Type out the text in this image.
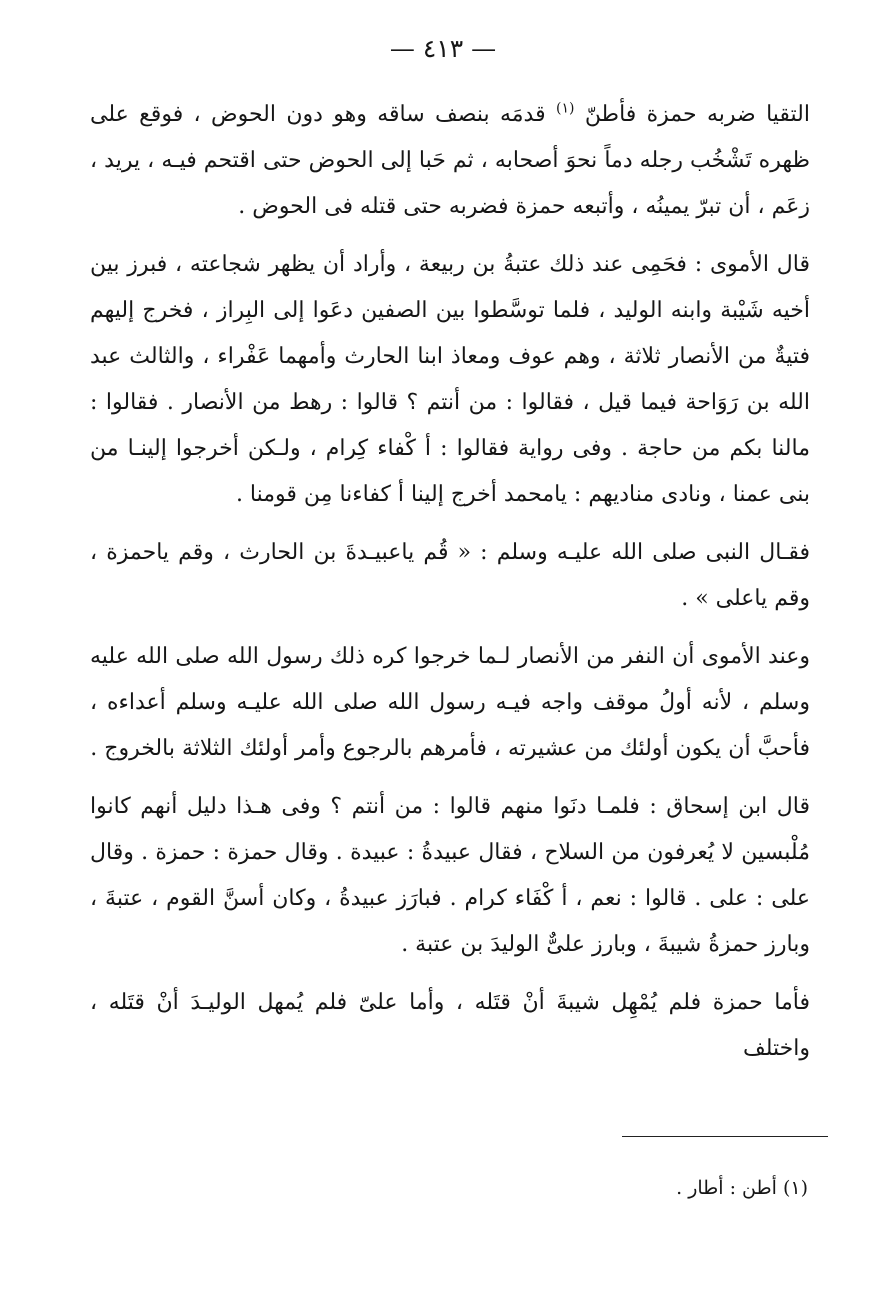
— ٤١٣ —

التقيا ضربه حمزة فأطنّ $^{(١)}$ قدمَه بنصف ساقه وهو دون الحوض ، فوقع على ظهره تَشْخُب رجله دماً نحوَ أصحابه ، ثم حَبا إلى الحوض حتى اقتحم فيـه ، يريد ، زعَم ، أن تبرّ يمينُه ، وأتبعه حمزة فضربه حتى قتله فى الحوض .

قال الأموى : فحَمِى عند ذلك عتبةُ بن ربيعة ، وأراد أن يظهر شجاعته ، فبرز بين أخيه شَيْبة وابنه الوليد ، فلما توسَّطوا بين الصفين دعَوا إلى البِراز ، فخرج إليهم فتيةٌ من الأنصار ثلاثة ، وهم عوف ومعاذ ابنا الحارث وأمهما عَفْراء ، والثالث عبد الله بن رَوَاحة فيما قيل ، فقالوا : من أنتم ؟ قالوا : رهط من الأنصار . فقالوا : مالنا بكم من حاجة . وفى رواية فقالوا : أ كْفاء كِرام ، ولـكن أخرجوا إلينـا من بنى عمنا ، ونادى مناديهم : يامحمد أخرج إلينا أ كفاءنا مِن قومنا .

فقـال النبى صلى الله عليـه وسلم : « قُم ياعبيـدةَ بن الحارث ، وقم ياحمزة ، وقم ياعلى » .

وعند الأموى أن النفر من الأنصار لـما خرجوا كره ذلك رسول الله صلى الله عليه وسلم ، لأنه أولُ موقف واجه فيـه رسول الله صلى الله عليـه وسلم أعداءه ، فأحبَّ أن يكون أولئك من عشيرته ، فأمرهم بالرجوع وأمر أولئك الثلاثة بالخروج .

قال ابن إسحاق : فلمـا دنَوا منهم قالوا : من أنتم ؟ وفى هـذا دليل أنهم كانوا مُلْبسين لا يُعرفون من السلاح ، فقال عبيدةُ : عبيدة . وقال حمزة : حمزة . وقال على : على . قالوا : نعم ، أ كْفَاء كرام . فبارَز عبيدةُ ، وكان أسنَّ القوم ، عتبةَ ، وبارز حمزةُ شيبةَ ، وبارز علىٌّ الوليدَ بن عتبة .

فأما حمزة فلم يُمْهِل شيبةَ أنْ قتَله ، وأما علىّ فلم يُمهل الوليـدَ أنْ قتَله ، واختلف

(١) أطن : أطار .
